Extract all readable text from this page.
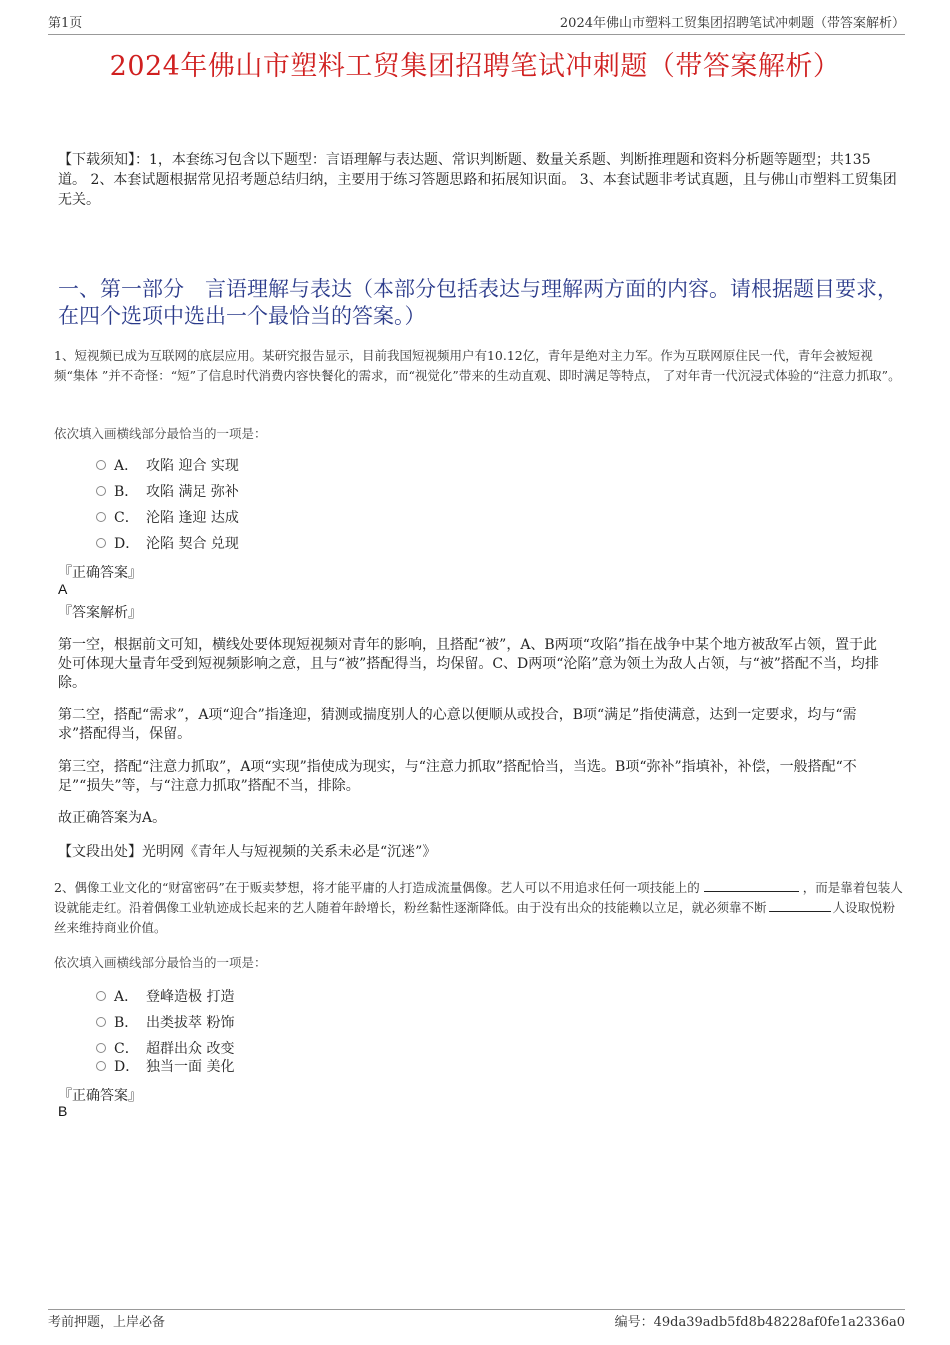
第1页	2024年佛山市塑料工贸集团招聘笔试冲刺题（带答案解析）
2024年佛山市塑料工贸集团招聘笔试冲刺题（带答案解析）
【下载须知】：1，本套练习包含以下题型：言语理解与表达题、常识判断题、数量关系题、判断推理题和资料分析题等题型；共135道。 2、本套试题根据常见招考题总结归纳，主要用于练习答题思路和拓展知识面。 3、本套试题非考试真题，且与佛山市塑料工贸集团无关。
一、第一部分　言语理解与表达（本部分包括表达与理解两方面的内容。请根据题目要求，在四个选项中选出一个最恰当的答案。）
1、短视频已成为互联网的底层应用。某研究报告显示，目前我国短视频用户有10.12亿，青年是绝对主力军。作为互联网原住民一代，青年会被短视频“集体 ”并不奇怪：“短”了信息时代消费内容快餐化的需求，而“视觉化”带来的生动直观、即时满足等特点， 了对年青一代沉浸式体验的“注意力抓取”。
依次填入画横线部分最恰当的一项是：
A． 攻陷 迎合 实现
B． 攻陷 满足 弥补
C． 沦陷 逢迎 达成
D． 沦陷 契合 兑现
『正确答案』
A
『答案解析』
第一空，根据前文可知，横线处要体现短视频对青年的影响，且搭配“被”，A、B两项“攻陷”指在战争中某个地方被敌军占领，置于此处可体现大量青年受到短视频影响之意，且与“被”搭配得当，均保留。C、D两项“沦陷”意为领土为敌人占领，与“被”搭配不当，均排除。
第二空，搭配“需求”，A项“迎合”指逢迎，猜测或揣度别人的心意以便顺从或投合，B项“满足”指使满意，达到一定要求，均与“需求”搭配得当，保留。
第三空，搭配“注意力抓取”，A项“实现”指使成为现实，与“注意力抓取”搭配恰当，当选。B项“弥补”指填补，补偿，一般搭配“不足”“损失”等，与“注意力抓取”搭配不当，排除。
故正确答案为A。
【文段出处】光明网《青年人与短视频的关系未必是“沉迷”》
2、偶像工业文化的“财富密码”在于贩卖梦想，将才能平庸的人打造成流量偶像。艺人可以不用追求任何一项技能上的	，而是靠着包装人设就能走红。沿着偶像工业轨迹成长起来的艺人随着年龄增长，粉丝黏性逐渐降低。由于没有出众的技能赖以立足，就必须靠不断	人设取悦粉丝来维持商业价值。
依次填入画横线部分最恰当的一项是：
A． 登峰造极 打造
B． 出类拔萃 粉饰
C． 超群出众 改变
D． 独当一面 美化
『正确答案』
B
考前押题，上岸必备	编号：49da39adb5fd8b48228af0fe1a2336a0
